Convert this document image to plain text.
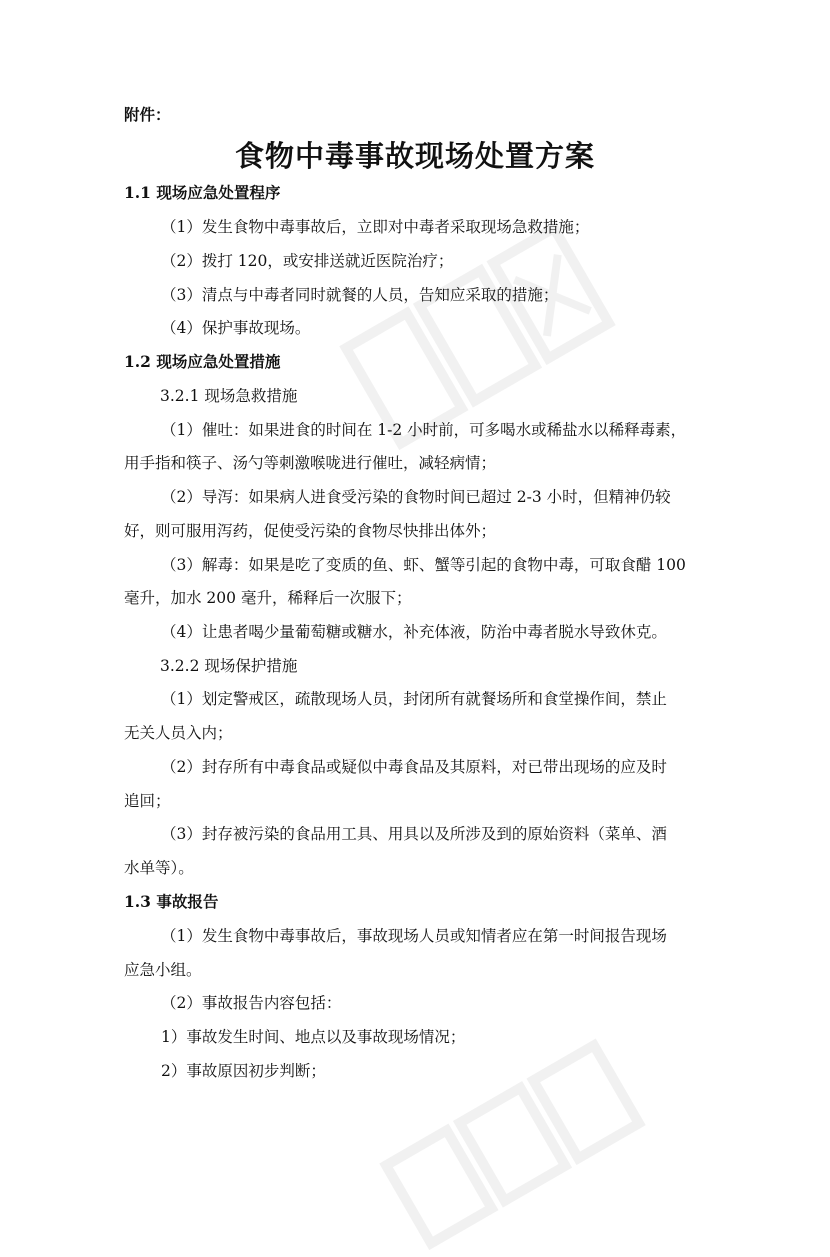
附件：
食物中毒事故现场处置方案
1.1 现场应急处置程序
（1）发生食物中毒事故后，立即对中毒者采取现场急救措施；
（2）拨打 120，或安排送就近医院治疗；
（3）清点与中毒者同时就餐的人员，告知应采取的措施；
（4）保护事故现场。
1.2 现场应急处置措施
3.2.1 现场急救措施
（1）催吐：如果进食的时间在 1-2 小时前，可多喝水或稀盐水以稀释毒素，
用手指和筷子、汤勺等刺激喉咙进行催吐，减轻病情；
（2）导泻：如果病人进食受污染的食物时间已超过 2-3 小时，但精神仍较
好，则可服用泻药，促使受污染的食物尽快排出体外；
（3）解毒：如果是吃了变质的鱼、虾、蟹等引起的食物中毒，可取食醋 100
毫升，加水 200 毫升，稀释后一次服下；
（4）让患者喝少量葡萄糖或糖水，补充体液，防治中毒者脱水导致休克。
3.2.2 现场保护措施
（1）划定警戒区，疏散现场人员，封闭所有就餐场所和食堂操作间，禁止
无关人员入内；
（2）封存所有中毒食品或疑似中毒食品及其原料，对已带出现场的应及时
追回；
（3）封存被污染的食品用工具、用具以及所涉及到的原始资料（菜单、酒
水单等）。
1.3 事故报告
（1）发生食物中毒事故后，事故现场人员或知情者应在第一时间报告现场
应急小组。
（2）事故报告内容包括：
1）事故发生时间、地点以及事故现场情况；
2）事故原因初步判断；
